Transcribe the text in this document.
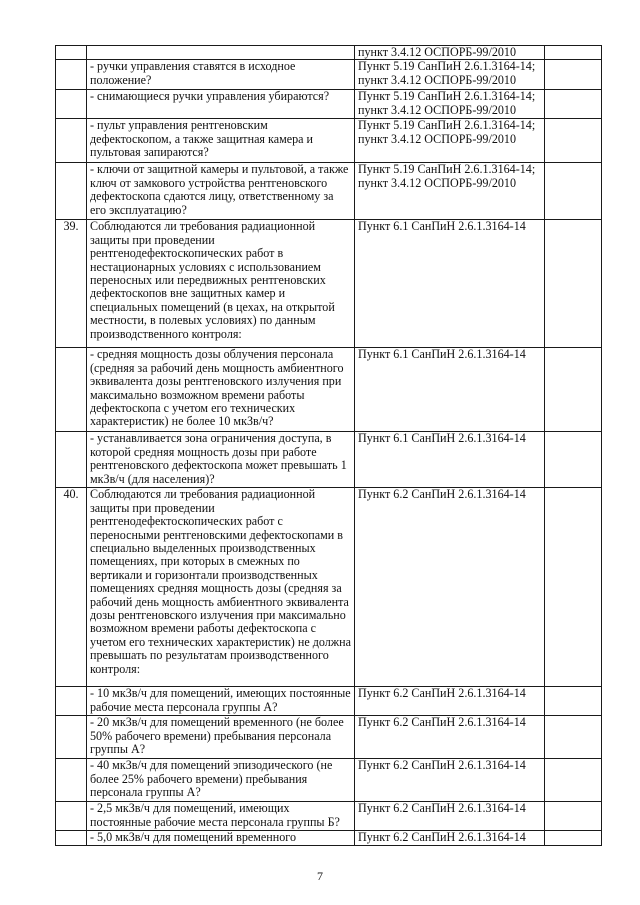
		пункт 3.4.12 ОСПОРБ-99/2010	
	- ручки управления ставятся в исходное положение?	Пункт 5.19 СанПиН 2.6.1.3164-14; пункт 3.4.12 ОСПОРБ-99/2010	
	- снимающиеся ручки управления убираются?	Пункт 5.19 СанПиН 2.6.1.3164-14; пункт 3.4.12 ОСПОРБ-99/2010	
	- пульт управления рентгеновским дефектоскопом, а также защитная камера и пультовая запираются?	Пункт 5.19 СанПиН 2.6.1.3164-14; пункт 3.4.12 ОСПОРБ-99/2010	
	- ключи от защитной камеры и пультовой, а также ключ от замкового устройства рентгеновского дефектоскопа сдаются лицу, ответственному за его эксплуатацию?	Пункт 5.19 СанПиН 2.6.1.3164-14; пункт 3.4.12 ОСПОРБ-99/2010	
39.	Соблюдаются ли требования радиационной защиты при проведении рентгенодефектоскопических работ в нестационарных условиях с использованием переносных или передвижных рентгеновских дефектоскопов вне защитных камер и специальных помещений (в цехах, на открытой местности, в полевых условиях) по данным производственного контроля:	Пункт 6.1 СанПиН 2.6.1.3164-14	
	- средняя мощность дозы облучения персонала (средняя за рабочий день мощность амбиентного эквивалента дозы рентгеновского излучения при максимально возможном времени работы дефектоскопа с учетом его технических характеристик) не более 10 мкЗв/ч?	Пункт 6.1 СанПиН 2.6.1.3164-14	
	- устанавливается зона ограничения доступа, в которой средняя мощность дозы при работе рентгеновского дефектоскопа может превышать 1 мкЗв/ч (для населения)?	Пункт 6.1 СанПиН 2.6.1.3164-14	
40.	Соблюдаются ли требования радиационной защиты при проведении рентгенодефектоскопических работ с переносными рентгеновскими дефектоскопами в специально выделенных производственных помещениях, при которых в смежных по вертикали и горизонтали производственных помещениях средняя мощность дозы (средняя за рабочий день мощность амбиентного эквивалента дозы рентгеновского излучения при максимально возможном времени работы дефектоскопа с учетом его технических характеристик) не должна превышать по результатам производственного контроля:	Пункт 6.2 СанПиН 2.6.1.3164-14	
	- 10 мкЗв/ч для помещений, имеющих постоянные рабочие места персонала группы А?	Пункт 6.2 СанПиН 2.6.1.3164-14	
	- 20 мкЗв/ч для помещений временного (не более 50% рабочего времени) пребывания персонала группы А?	Пункт 6.2 СанПиН 2.6.1.3164-14	
	- 40 мкЗв/ч для помещений эпизодического (не более 25% рабочего времени) пребывания персонала группы А?	Пункт 6.2 СанПиН 2.6.1.3164-14	
	- 2,5 мкЗв/ч для помещений, имеющих постоянные рабочие места персонала группы Б?	Пункт 6.2 СанПиН 2.6.1.3164-14	
	- 5,0 мкЗв/ч для помещений временного	Пункт 6.2 СанПиН 2.6.1.3164-14	
7
